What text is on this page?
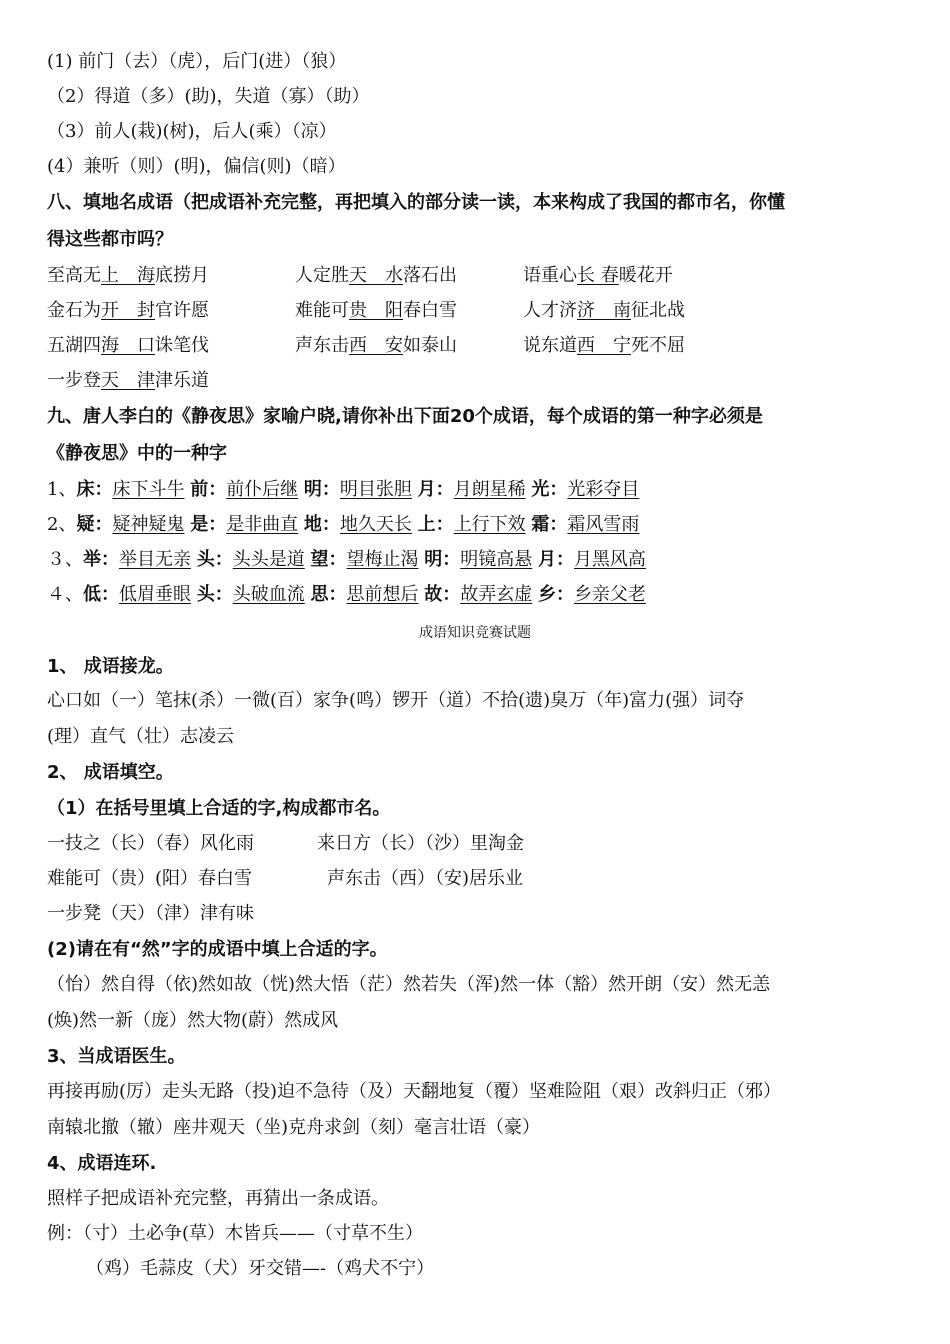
(1) 前门（去）（虎），后门(进）（狼）
（2）得道（多）(助)，失道（寡）（助）
（3）前人(栽)(树)，后人(乘）（凉）
(4）兼听（则）(明)，偏信(则)（暗）
八、填地名成语（把成语补充完整，再把填入的部分读一读，本来构成了我国的都市名，你懂
得这些都市吗？
至高无上　海底捞月	人定胜天　水落石出	语重心长 春暖花开
金石为开　封官许愿	难能可贵　阳春白雪	人才济济　南征北战
五湖四海　口诛笔伐	声东击西　安如泰山	说东道西　宁死不屈
一步登天　津津乐道
九、唐人李白的《静夜思》家喻户晓,请你补出下面20个成语，每个成语的第一种字必须是
《静夜思》中的一种字
1、床：床下斗牛 前：前仆后继 明：明目张胆 月：月朗星稀 光：光彩夺目
2、疑：疑神疑鬼 是：是非曲直 地：地久天长 上：上行下效 霜：霜风雪雨
３、举：举目无亲 头：头头是道 望：望梅止渴 明：明镜高悬 月：月黑风高
４、低：低眉垂眼 头：头破血流 思：思前想后 故：故弄玄虚 乡：乡亲父老
成语知识竞赛试题
1、 成语接龙。
心口如（一）笔抹(杀）一微(百）家争(鸣）锣开（道）不拾(遗)臭万（年)富力(强）词夺
(理）直气（壮）志凌云
2、 成语填空。
（1）在括号里填上合适的字,构成都市名。
一技之（长）（春）风化雨	来日方（长）（沙）里淘金
难能可（贵）(阳）春白雪	声东击（西）（安)居乐业
一步凳（天）（津）津有味
(2)请在有“然”字的成语中填上合适的字。
（怡）然自得（依)然如故（恍)然大悟（茫）然若失（浑)然一体（豁）然开朗（安）然无恙
(焕)然一新（庞）然大物(蔚）然成风
3、当成语医生。
再接再励(厉）走头无路（投)迫不急待（及）天翻地复（覆）坚难险阻（艰）改斜归正（邪）
南辕北撤（辙）座井观天（坐)克舟求剑（刻）毫言壮语（豪）
4、成语连环.
照样子把成语补充完整，再猜出一条成语。
例：（寸）土必争(草）木皆兵——（寸草不生）
（鸡）毛蒜皮（犬）牙交错—-（鸡犬不宁）
